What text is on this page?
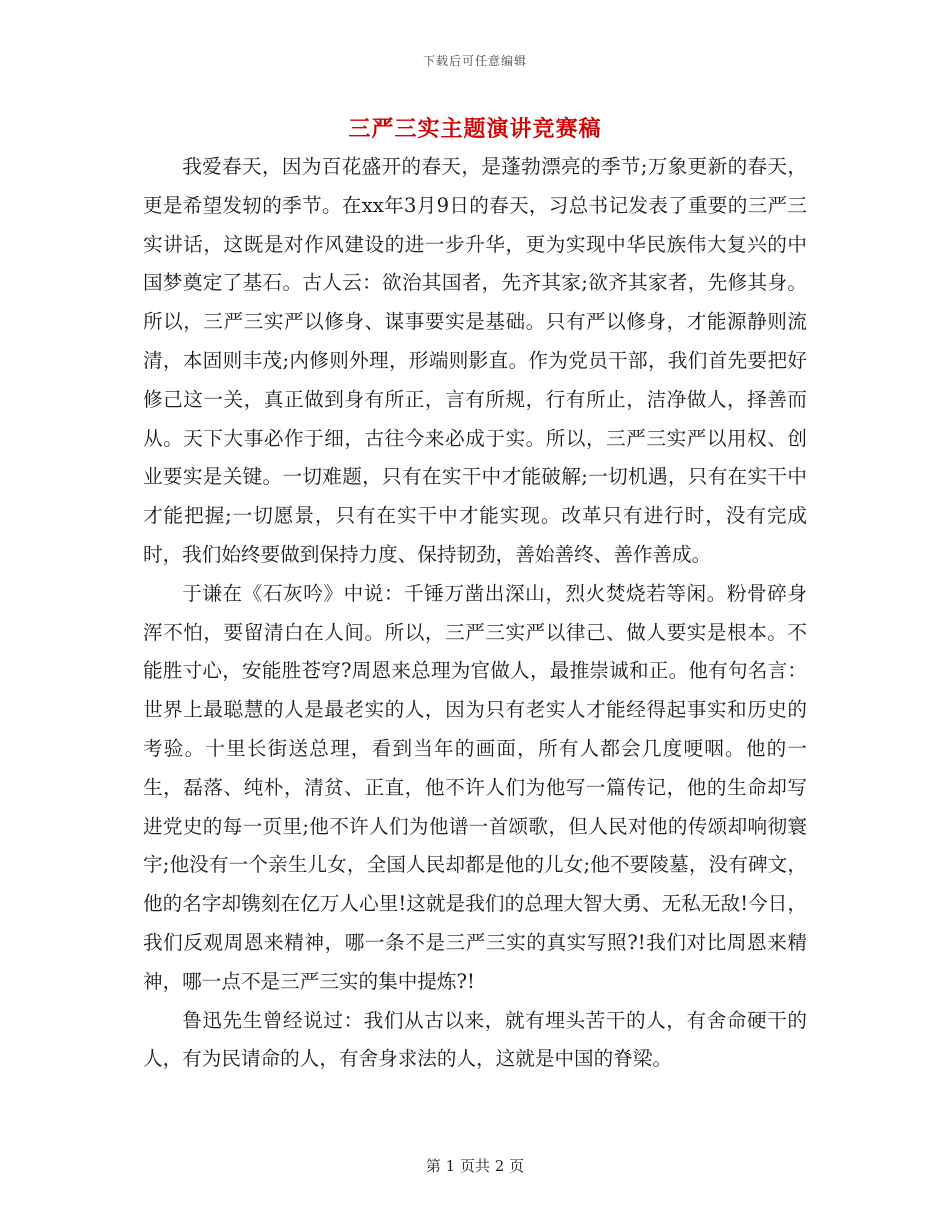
下载后可任意编辑
三严三实主题演讲竞赛稿

我爱春天，因为百花盛开的春天，是蓬勃漂亮的季节;万象更新的春天，更是希望发轫的季节。在xx年3月9日的春天，习总书记发表了重要的三严三实讲话，这既是对作风建设的进一步升华，更为实现中华民族伟大复兴的中国梦奠定了基石。古人云：欲治其国者，先齐其家;欲齐其家者，先修其身。所以，三严三实严以修身、谋事要实是基础。只有严以修身，才能源静则流清，本固则丰茂;内修则外理，形端则影直。作为党员干部，我们首先要把好修己这一关，真正做到身有所正，言有所规，行有所止，洁净做人，择善而从。天下大事必作于细，古往今来必成于实。所以，三严三实严以用权、创业要实是关键。一切难题，只有在实干中才能破解;一切机遇，只有在实干中才能把握;一切愿景，只有在实干中才能实现。改革只有进行时，没有完成时，我们始终要做到保持力度、保持韧劲，善始善终、善作善成。

于谦在《石灰吟》中说：千锤万凿出深山，烈火焚烧若等闲。粉骨碎身浑不怕，要留清白在人间。所以，三严三实严以律己、做人要实是根本。不能胜寸心，安能胜苍穹?周恩来总理为官做人，最推崇诚和正。他有句名言：世界上最聪慧的人是最老实的人，因为只有老实人才能经得起事实和历史的考验。十里长街送总理，看到当年的画面，所有人都会几度哽咽。他的一生，磊落、纯朴，清贫、正直，他不许人们为他写一篇传记，他的生命却写进党史的每一页里;他不许人们为他谱一首颂歌，但人民对他的传颂却响彻寰宇;他没有一个亲生儿女，全国人民却都是他的儿女;他不要陵墓，没有碑文，他的名字却镌刻在亿万人心里!这就是我们的总理大智大勇、无私无敌!今日，我们反观周恩来精神，哪一条不是三严三实的真实写照?!我们对比周恩来精神，哪一点不是三严三实的集中提炼?!

鲁迅先生曾经说过：我们从古以来，就有埋头苦干的人，有舍命硬干的人，有为民请命的人，有舍身求法的人，这就是中国的脊梁。

第 1 页共 2 页
